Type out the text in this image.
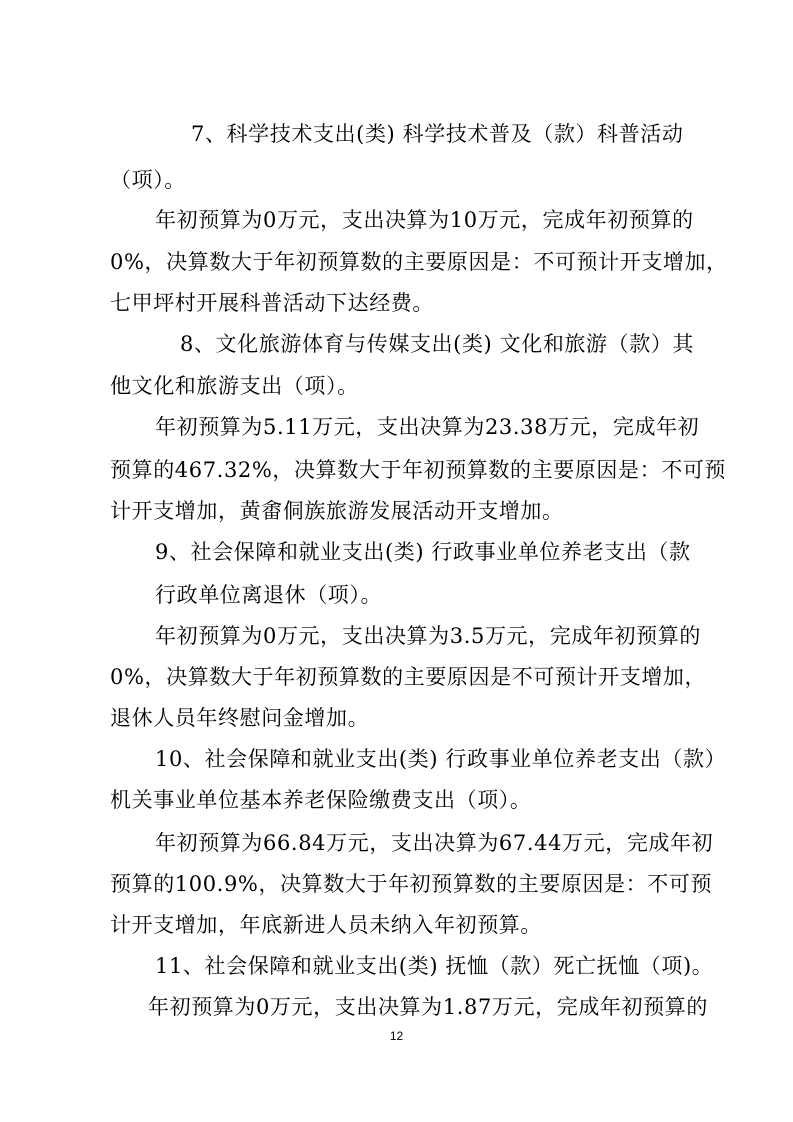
7、科学技术支出(类) 科学技术普及（款）科普活动
（项）。
年初预算为0万元，支出决算为10万元，完成年初预算的
0%，决算数大于年初预算数的主要原因是：不可预计开支增加，
七甲坪村开展科普活动下达经费。
8、文化旅游体育与传媒支出(类) 文化和旅游（款）其
他文化和旅游支出（项）。
年初预算为5.11万元，支出决算为23.38万元，完成年初
预算的467.32%，决算数大于年初预算数的主要原因是：不可预
计开支增加，黄畬侗族旅游发展活动开支增加。
9、社会保障和就业支出(类) 行政事业单位养老支出（款
行政单位离退休（项）。
年初预算为0万元，支出决算为3.5万元，完成年初预算的
0%，决算数大于年初预算数的主要原因是不可预计开支增加，
退休人员年终慰问金增加。
10、社会保障和就业支出(类) 行政事业单位养老支出（款）
机关事业单位基本养老保险缴费支出（项）。
年初预算为66.84万元，支出决算为67.44万元，完成年初
预算的100.9%，决算数大于年初预算数的主要原因是：不可预
计开支增加，年底新进人员未纳入年初预算。
11、社会保障和就业支出(类) 抚恤（款）死亡抚恤（项)。
年初预算为0万元，支出决算为1.87万元，完成年初预算的
12
